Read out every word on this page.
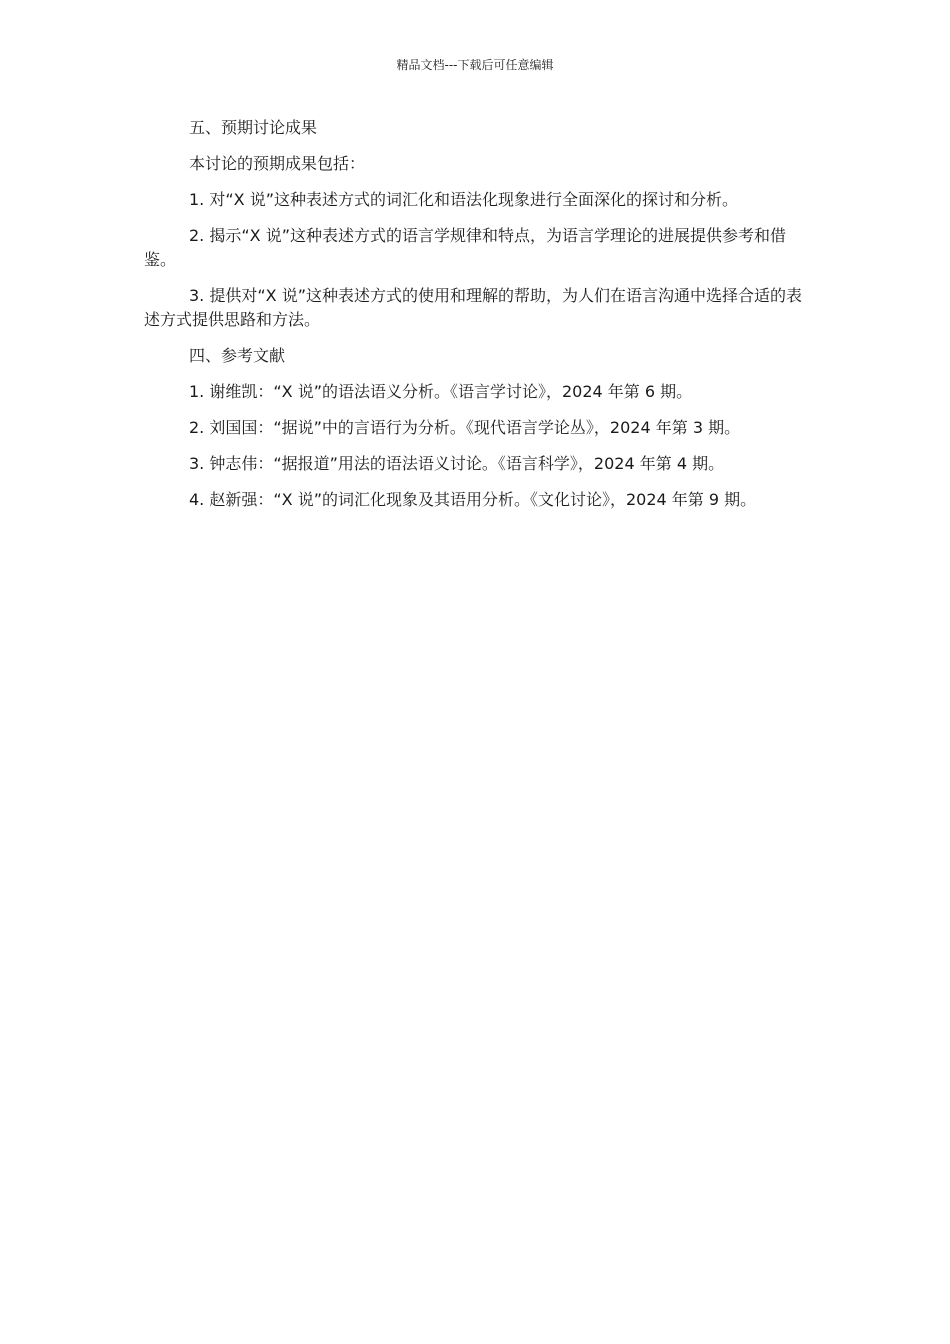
精品文档---下载后可任意编辑

五、预期讨论成果

本讨论的预期成果包括：

1. 对“X 说”这种表述方式的词汇化和语法化现象进行全面深化的探讨和分析。

2. 揭示“X 说”这种表述方式的语言学规律和特点，为语言学理论的进展提供参考和借鉴。

3. 提供对“X 说”这种表述方式的使用和理解的帮助，为人们在语言沟通中选择合适的表述方式提供思路和方法。

四、参考文献

1. 谢维凯：“X 说”的语法语义分析。《语言学讨论》，2024 年第 6 期。

2. 刘国国：“据说”中的言语行为分析。《现代语言学论丛》，2024 年第 3 期。

3. 钟志伟：“据报道”用法的语法语义讨论。《语言科学》，2024 年第 4 期。

4. 赵新强：“X 说”的词汇化现象及其语用分析。《文化讨论》，2024 年第 9 期。
